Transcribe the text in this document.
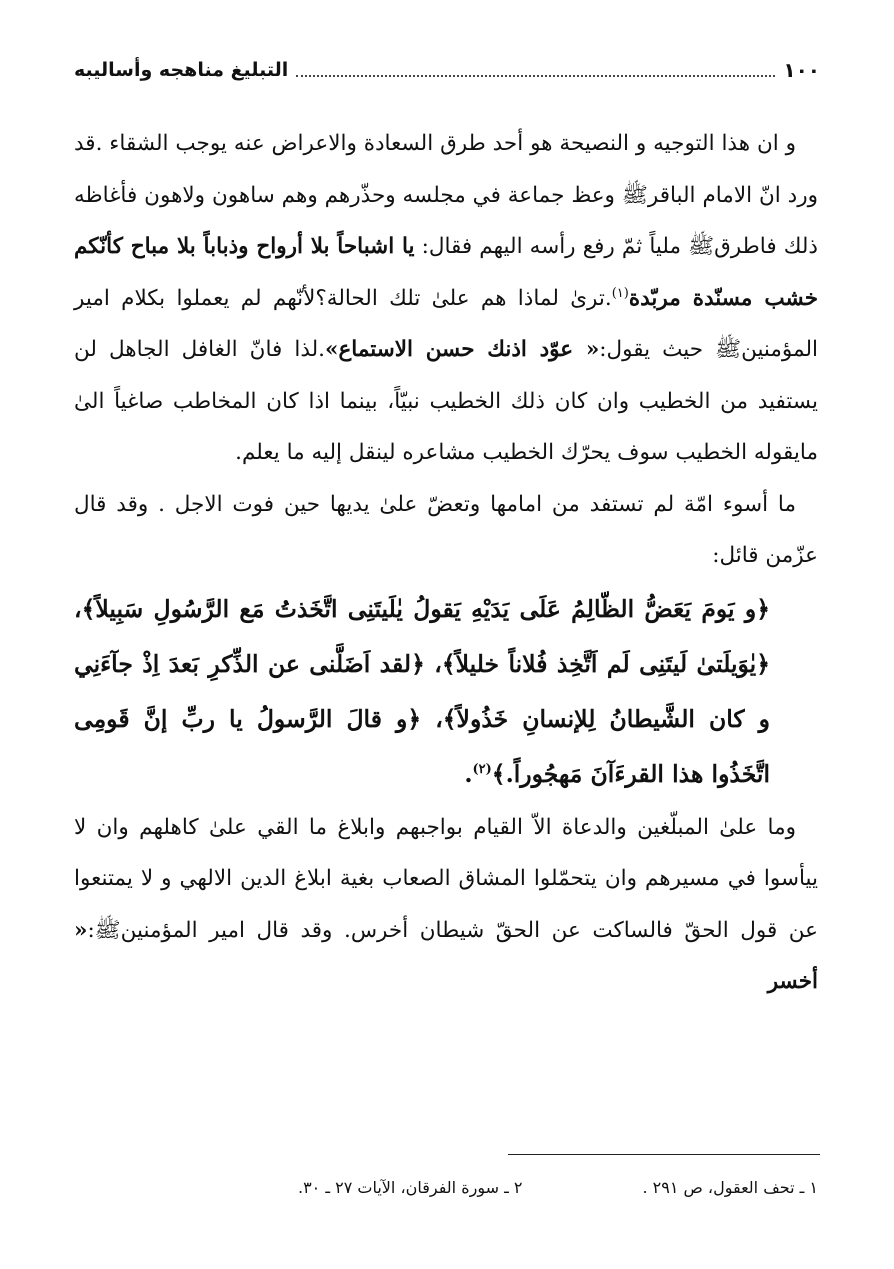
١٠٠
التبليغ مناهجه وأساليبه

و ان هذا التوجيه و النصيحة هو أحد طرق السعادة والاعراض عنه يوجب الشقاء .قد ورد انّ الامام الباقرﷺ وعظ جماعة في مجلسه وحذّرهم وهم ساهون ولاهون فأغاظه ذلك فاطرقﷺ ملياً ثمّ رفع رأسه اليهم فقال: يا اشباحاً بلا أرواح وذباباً بلا مباح كأنّكم خشب مسنّدة مربّدة$^{(١)}$.ترىٰ لماذا هم علىٰ تلك الحالة؟لأنّهم لم يعملوا بكلام امير المؤمنينﷺ حيث يقول:« عوّد اذنك حسن الاستماع».لذا فانّ الغافل الجاهل لن يستفيد من الخطيب وان كان ذلك الخطيب نبيّاً، بينما اذا كان المخاطب صاغياً الىٰ مايقوله الخطيب سوف يحرّك الخطيب مشاعره لينقل إليه ما يعلم.

ما أسوء امّة لم تستفد من امامها وتعضّ علىٰ يديها حين فوت الاجل . وقد قال عزّمن قائل:

﴿و يَومَ يَعَضُّ الظّالِمُ عَلَى يَدَيْهِ يَقولُ يٰلَيتَنِى اتَّخَذتُ مَع الرَّسُولِ سَبِيلاً﴾، ﴿يٰوَيلَتىٰ لَيتَنِى لَم اَتَّخِذ فُلاناً خليلاً﴾، ﴿لقد اَضَلَّنى عن الذِّكرِ بَعدَ اِذْ جآءَنِي و كان الشَّيطانُ لِلإنسانِ خَذُولاً﴾، ﴿و قالَ الرَّسولُ يا ربِّ إنَّ قَومِى اتَّخَذُوا هذا القرءَآنَ مَهجُوراً.﴾$^{(٢)}$.

وما علىٰ المبلّغين والدعاة الاّ القيام بواجبهم وابلاغ ما القي علىٰ كاهلهم وان لا ييأسوا في مسيرهم وان يتحمّلوا المشاق الصعاب بغية ابلاغ الدين الالهي و لا يمتنعوا عن قول الحقّ فالساكت عن الحقّ شيطان أخرس. وقد قال امير المؤمنينﷺ:« أخسر

١ ـ تحف العقول، ص ٢٩١ .
٢ ـ سورة الفرقان، الآيات ٢٧ ـ ٣٠.
